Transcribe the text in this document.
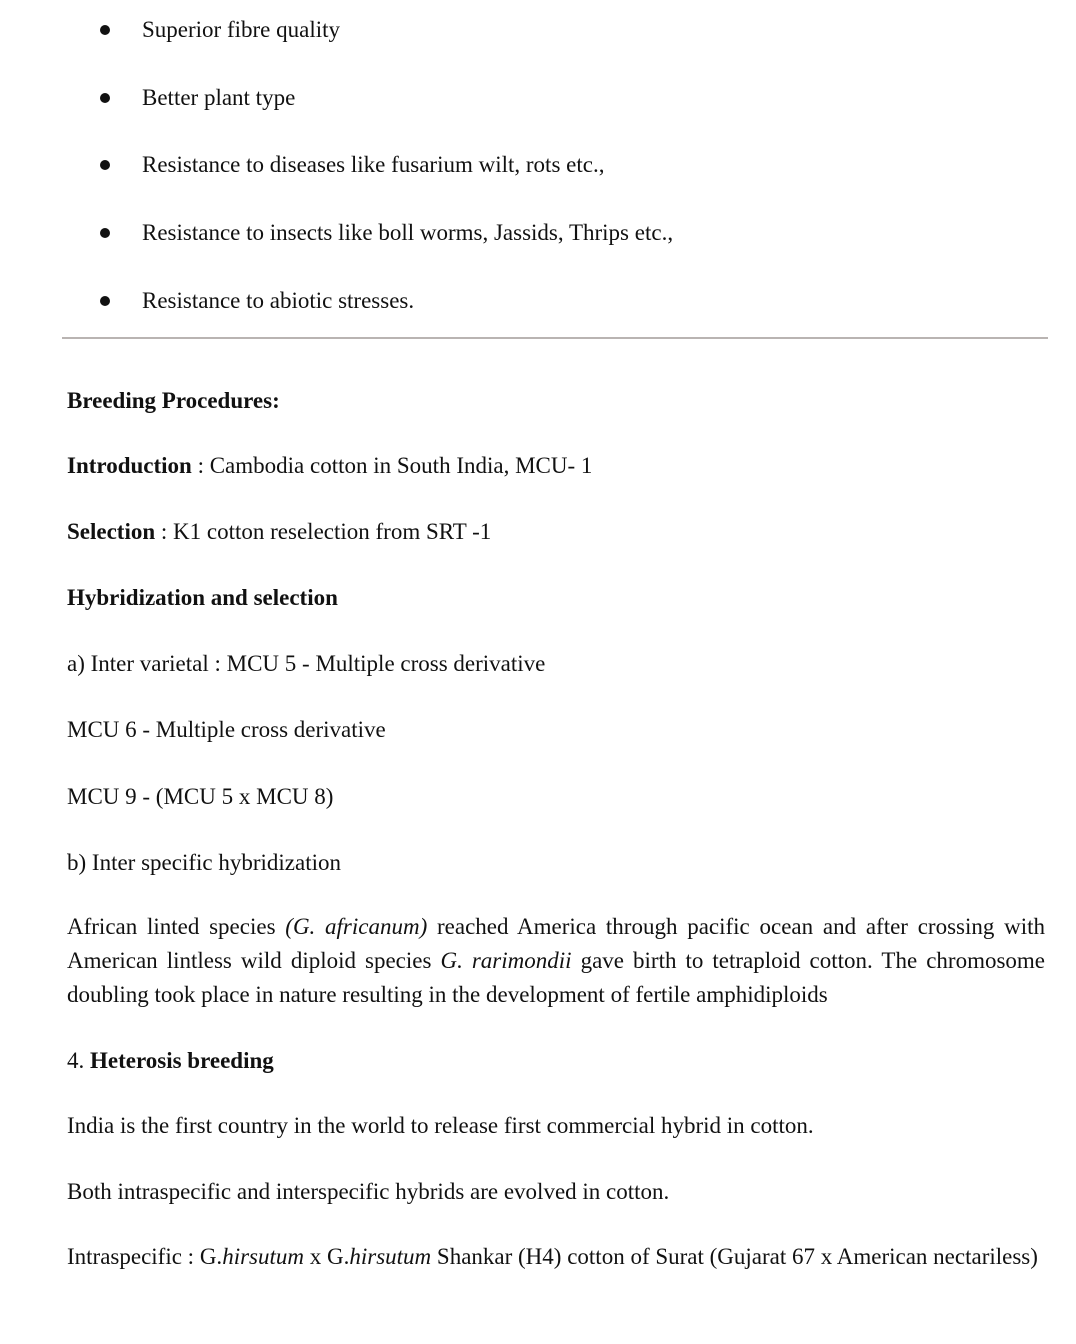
Superior fibre quality
Better plant type
Resistance to diseases like fusarium wilt, rots etc.,
Resistance to insects like boll worms, Jassids, Thrips etc.,
Resistance to abiotic stresses.
Breeding Procedures:
Introduction : Cambodia cotton in South India, MCU- 1
Selection : K1 cotton reselection from SRT -1
Hybridization and selection
a) Inter varietal : MCU 5 - Multiple cross derivative
MCU 6 - Multiple cross derivative
MCU 9 - (MCU 5 x MCU 8)
b) Inter specific hybridization
African linted species (G. africanum) reached America through pacific ocean and after crossing with American lintless wild diploid species G. rarimondii gave birth to tetraploid cotton. The chromosome doubling took place in nature resulting in the development of fertile amphidiploids
4. Heterosis breeding
India is the first country in the world to release first commercial hybrid in cotton.
Both intraspecific and interspecific hybrids are evolved in cotton.
Intraspecific : G.hirsutum x G.hirsutum Shankar (H4) cotton of Surat (Gujarat 67 x American nectariless)
